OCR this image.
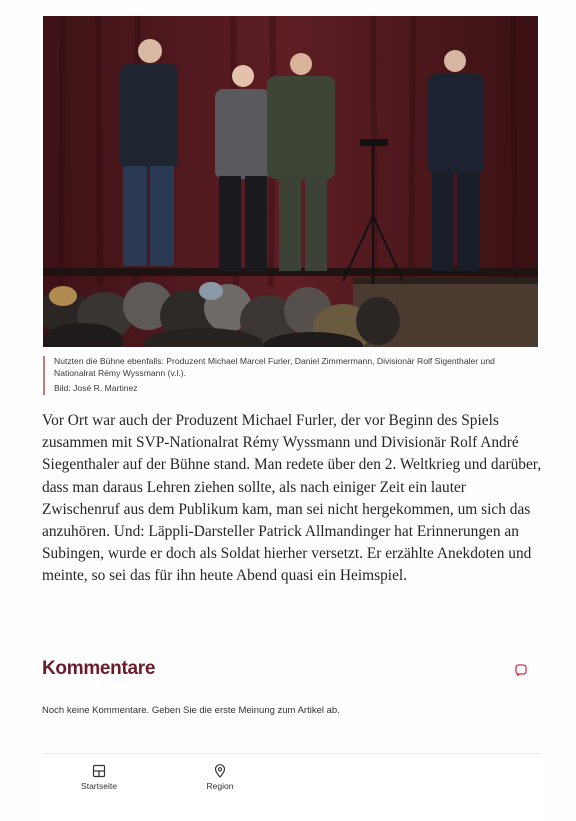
Nutzten die Bühne ebenfalls: Produzent Michael Marcel Furler, Daniel Zimmermann, Divisionär Rolf Sigenthaler und Nationalrat Rémy Wyssmann (v.l.).
Bild: José R. Martinez

Vor Ort war auch der Produzent Michael Furler, der vor Beginn des Spiels zusammen mit SVP-Nationalrat Rémy Wyssmann und Divisionär Rolf André Siegenthaler auf der Bühne stand. Man redete über den 2. Weltkrieg und darüber, dass man daraus Lehren ziehen sollte, als nach einiger Zeit ein lauter Zwischenruf aus dem Publikum kam, man sei nicht hergekommen, um sich das anzuhören. Und: Läppli-Darsteller Patrick Allmandinger hat Erinnerungen an Subingen, wurde er doch als Soldat hierher versetzt. Er erzählte Anekdoten und meinte, so sei das für ihn heute Abend quasi ein Heimspiel.

Kommentare
Noch keine Kommentare. Geben Sie die erste Meinung zum Artikel ab.
Startseite	Region
